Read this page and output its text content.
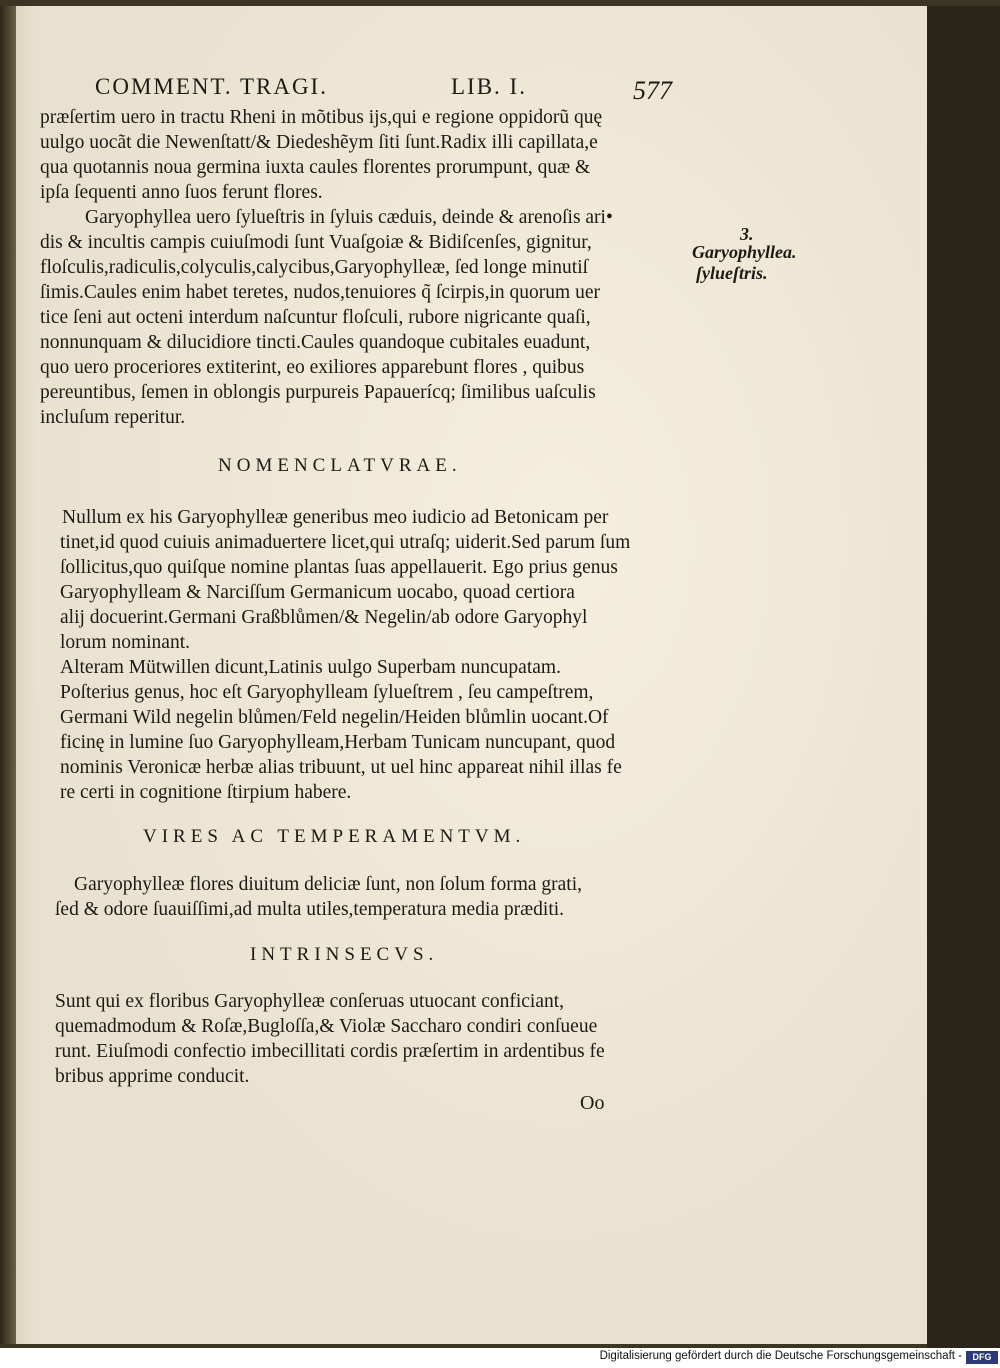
COMMENT. TRAGI.	LIB. I.	577
præſertim uero in tractu Rheni in mõtibus ijs,qui e regione oppidorũ quę
uulgo uocãt die Newenſtatt/& Diedeshẽym ſiti ſunt.Radix illi capillata,e
qua quotannis noua germina iuxta caules florentes prorumpunt, quæ &
ipſa ſequenti anno ſuos ferunt flores.
Garyophyllea uero ſylueſtris in ſyluis cæduis, deinde & arenoſis ari•
dis & incultis campis cuiuſmodi ſunt Vuaſgoiæ & Bidiſcenſes, gignitur,
floſculis,radiculis,colyculis,calycibus,Garyophylleæ, ſed longe minutiſ
ſimis.Caules enim habet teretes, nudos,tenuiores q̃ ſcirpis,in quorum uer
tice ſeni aut octeni interdum naſcuntur floſculi, rubore nigricante quaſi,
nonnunquam & dilucidiore tincti.Caules quandoque cubitales euadunt,
quo uero proceriores extiterint, eo exiliores apparebunt flores , quibus
pereuntibus, ſemen in oblongis purpureis Papauerícq; ſimilibus uaſculis
incluſum reperitur.
3.
Garyophyllea.
ſylueſtris.
NOMENCLATVRAE.
Nullum ex his Garyophylleæ generibus meo iudicio ad Betonicam per
tinet,id quod cuiuis animaduertere licet,qui utraſq; uiderit.Sed parum ſum
ſollicitus,quo quiſque nomine plantas ſuas appellauerit. Ego prius genus
Garyophylleam & Narciſſum Germanicum uocabo, quoad certiora
alij docuerint.Germani Graßblůmen/& Negelin/ab odore Garyophyl
lorum nominant.
Alteram Mütwillen dicunt,Latinis uulgo Superbam nuncupatam.
Poſterius genus, hoc eſt Garyophylleam ſylueſtrem , ſeu campeſtrem,
Germani Wild negelin blůmen/Feld negelin/Heiden blůmlin uocant.Of
ficinę in lumine ſuo Garyophylleam,Herbam Tunicam nuncupant, quod
nominis Veronicæ herbæ alias tribuunt, ut uel hinc appareat nihil illas fe
re certi in cognitione ſtirpium habere.
VIRES AC TEMPERAMENTVM.
Garyophylleæ flores diuitum deliciæ ſunt, non ſolum forma grati,
ſed & odore ſuauiſſimi,ad multa utiles,temperatura media præditi.
INTRINSECVS.
Sunt qui ex floribus Garyophylleæ conſeruas utuocant conficiant,
quemadmodum & Roſæ,Bugloſſa,& Violæ Saccharo condiri conſueue
runt. Eiuſmodi confectio imbecillitati cordis præſertim in ardentibus fe
bribus apprime conducit.
Oo
Digitalisierung gefördert durch die Deutsche Forschungsgemeinschaft -	DFG
